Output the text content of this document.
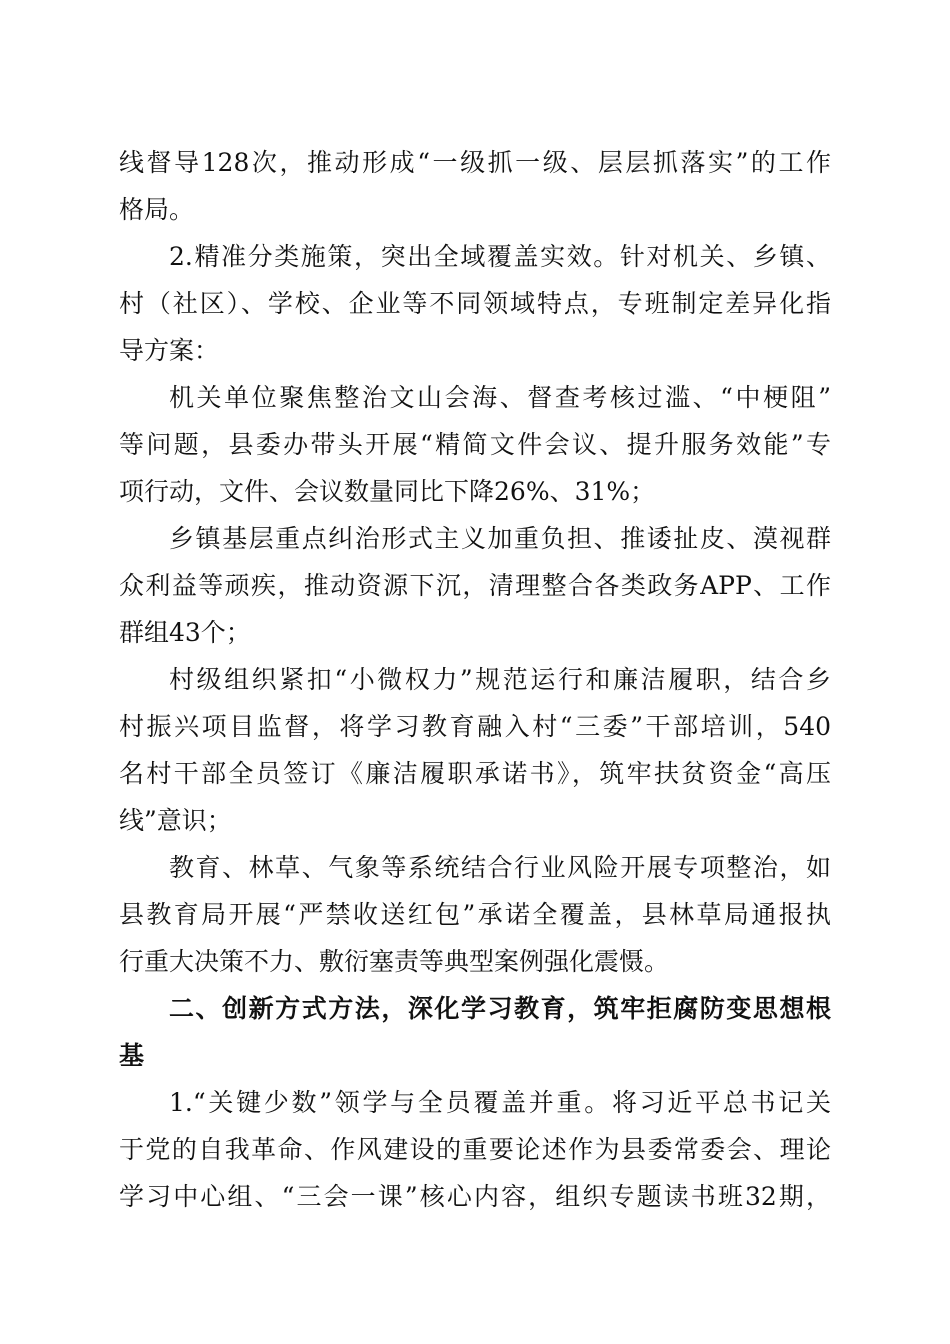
线督导128次，推动形成“一级抓一级、层层抓落实”的工作

格局。

2.精准分类施策，突出全域覆盖实效。针对机关、乡镇、

村（社区）、学校、企业等不同领域特点，专班制定差异化指

导方案：

机关单位聚焦整治文山会海、督查考核过滥、“中梗阻”

等问题，县委办带头开展“精简文件会议、提升服务效能”专

项行动，文件、会议数量同比下降26%、31%；

乡镇基层重点纠治形式主义加重负担、推诿扯皮、漠视群

众利益等顽疾，推动资源下沉，清理整合各类政务APP、工作

群组43个；

村级组织紧扣“小微权力”规范运行和廉洁履职，结合乡

村振兴项目监督，将学习教育融入村“三委”干部培训，540

名村干部全员签订《廉洁履职承诺书》，筑牢扶贫资金“高压

线”意识；

教育、林草、气象等系统结合行业风险开展专项整治，如

县教育局开展“严禁收送红包”承诺全覆盖，县林草局通报执

行重大决策不力、敷衍塞责等典型案例强化震慑。

二、创新方式方法，深化学习教育，筑牢拒腐防变思想根

基

1.“关键少数”领学与全员覆盖并重。将习近平总书记关

于党的自我革命、作风建设的重要论述作为县委常委会、理论

学习中心组、“三会一课”核心内容，组织专题读书班32期，
